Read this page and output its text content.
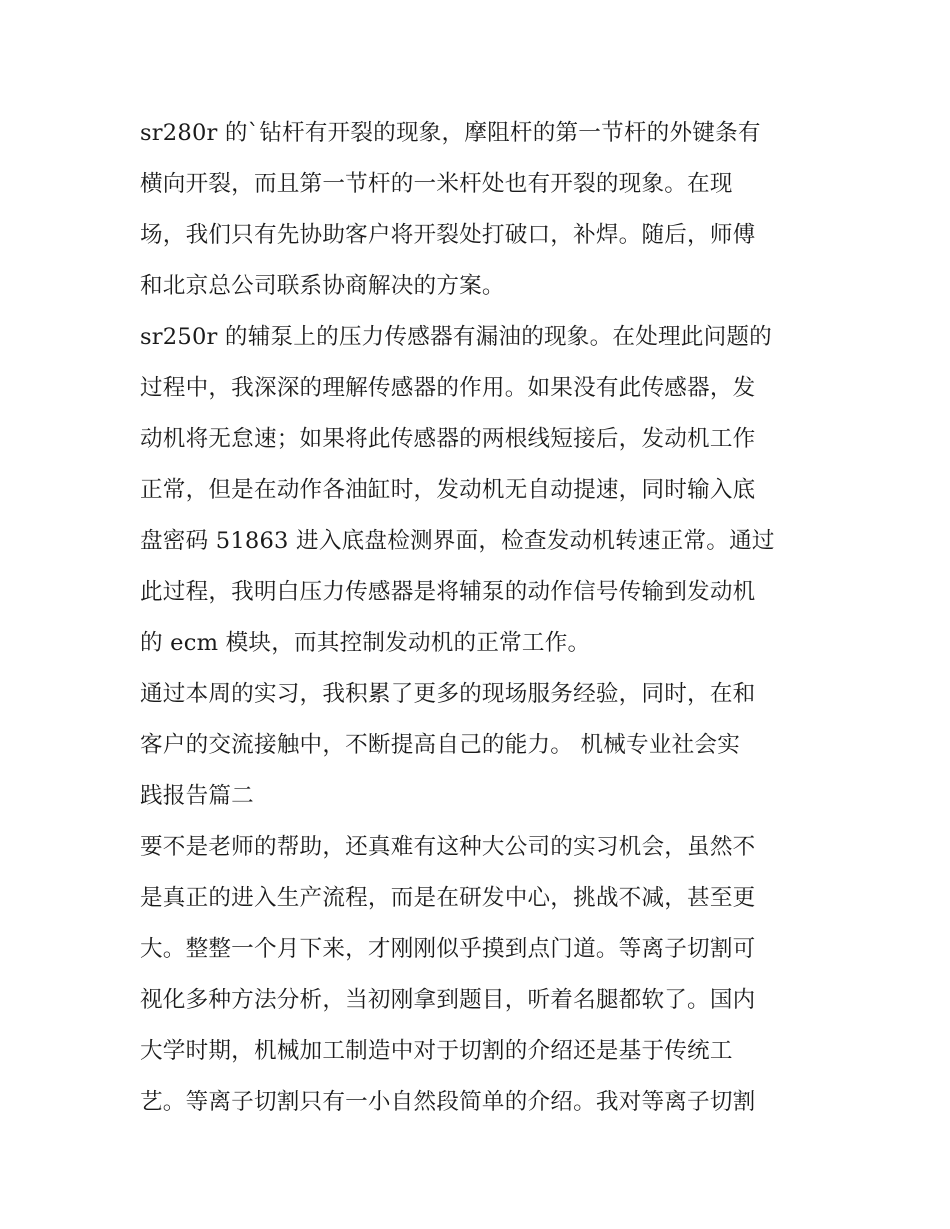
sr280r 的`钻杆有开裂的现象，摩阻杆的第一节杆的外键条有
横向开裂，而且第一节杆的一米杆处也有开裂的现象。在现
场，我们只有先协助客户将开裂处打破口，补焊。随后，师傅
和北京总公司联系协商解决的方案。
sr250r 的辅泵上的压力传感器有漏油的现象。在处理此问题的
过程中，我深深的理解传感器的作用。如果没有此传感器，发
动机将无怠速；如果将此传感器的两根线短接后，发动机工作
正常，但是在动作各油缸时，发动机无自动提速，同时输入底
盘密码 51863 进入底盘检测界面，检查发动机转速正常。通过
此过程，我明白压力传感器是将辅泵的动作信号传输到发动机
的 ecm 模块，而其控制发动机的正常工作。
通过本周的实习，我积累了更多的现场服务经验，同时，在和
客户的交流接触中，不断提高自己的能力。 机械专业社会实
践报告篇二
要不是老师的帮助，还真难有这种大公司的实习机会，虽然不
是真正的进入生产流程，而是在研发中心，挑战不减，甚至更
大。整整一个月下来，才刚刚似乎摸到点门道。等离子切割可
视化多种方法分析，当初刚拿到题目，听着名腿都软了。国内
大学时期，机械加工制造中对于切割的介绍还是基于传统工
艺。等离子切割只有一小自然段简单的介绍。我对等离子切割
